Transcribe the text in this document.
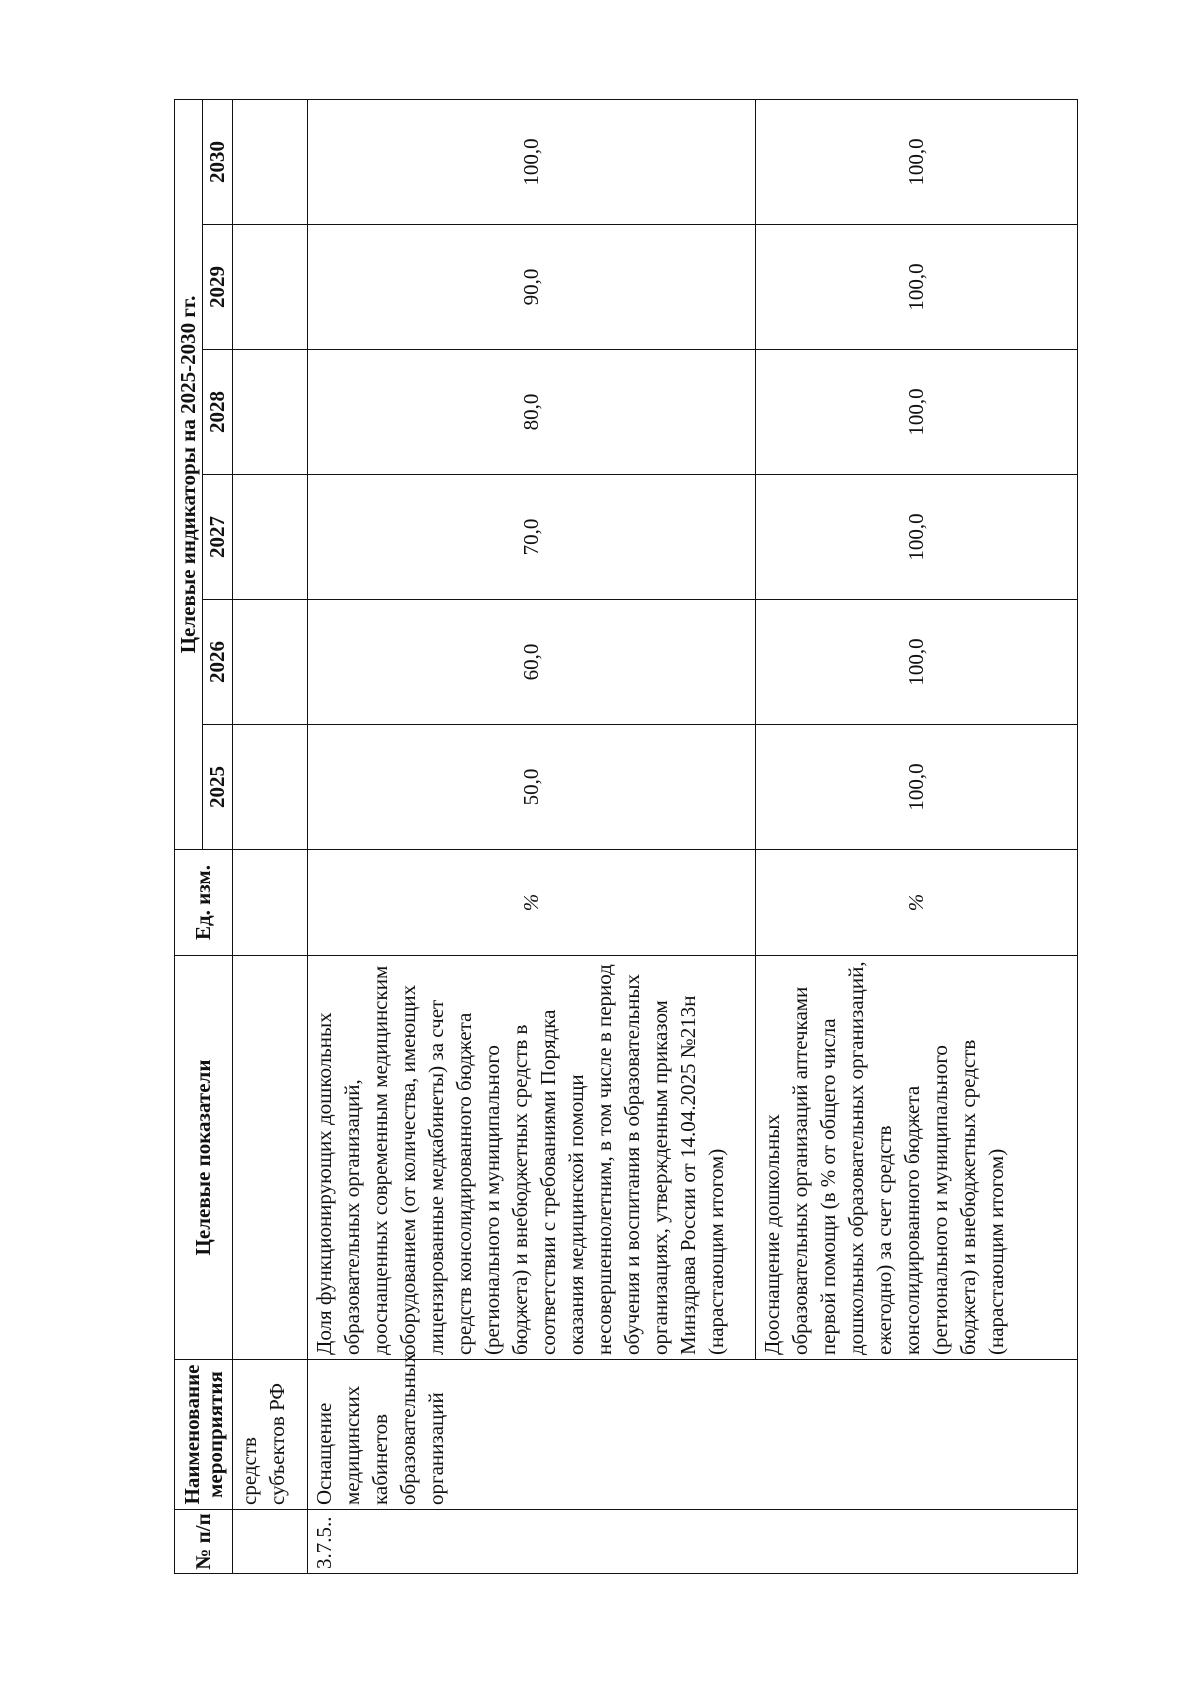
№ п/п	Наименование мероприятия	Целевые показатели	Ед. изм.	Целевые индикаторы на 2025-2030 гг.					
				2025	2026	2027	2028	2029	2030
	средств субъектов РФ								
3.7.5..	Оснащение медицинских кабинетов образовательных организаций	Доля функционирующих дошкольных образовательных организаций, дооснащенных современным медицинским оборудованием (от количества, имеющих лицензированные медкабинеты) за счет средств консолидированного бюджета (регионального и муниципального бюджета) и внебюджетных средств в соответствии с требованиями Порядка оказания медицинской помощи несовершеннолетним, в том числе в период обучения и воспитания в образовательных организациях, утвержденным приказом Минздрава России от 14.04.2025 №213н (нарастающим итогом)	%	50,0	60,0	70,0	80,0	90,0	100,0
		Дооснащение дошкольных образовательных организаций аптечками первой помощи (в % от общего числа дошкольных образовательных организаций, ежегодно) за счет средств консолидированного бюджета (регионального и муниципального бюджета) и внебюджетных средств (нарастающим итогом)	%	100,0	100,0	100,0	100,0	100,0	100,0
